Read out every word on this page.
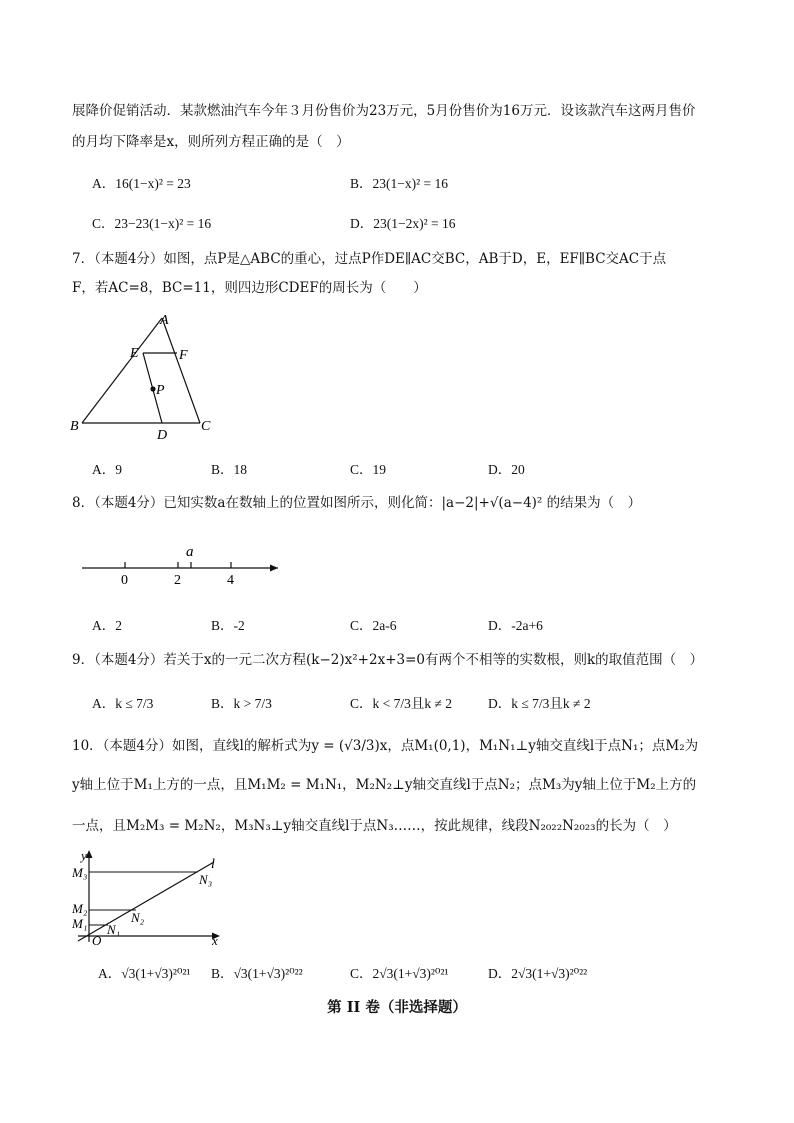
展降价促销活动．某款燃油汽车今年３月份售价为23万元，5月份售价为16万元．设该款汽车这两月售价
的月均下降率是x，则所列方程正确的是（　）
A．16(1−x)² = 23	B．23(1−x)² = 16
C．23−23(1−x)² = 16	D．23(1−2x)² = 16
7．（本题4分）如图，点P是△ABC的重心，过点P作DE∥AC交BC，AB于D，E，EF∥BC交AC于点
F，若AC=8，BC=11，则四边形CDEF的周长为（　　）
A
E	F
P
B
D
C
A．9	B．18	C．19	D．20
8．（本题4分）已知实数a在数轴上的位置如图所示，则化简：|a−2|+√(a−4)² 的结果为（　）
a
0	2	4
A．2	B．-2	C．2a-6	D．-2a+6
9．（本题4分）若关于x的一元二次方程(k−2)x²+2x+3=0有两个不相等的实数根，则k的取值范围（　）
A．k ≤ 7/3	B．k > 7/3	C．k < 7/3且k ≠ 2	D．k ≤ 7/3且k ≠ 2
10．（本题4分）如图，直线l的解析式为y = (√3/3)x，点M₁(0,1)，M₁N₁⊥y轴交直线l于点N₁；点M₂为
y轴上位于M₁上方的一点，且M₁M₂ = M₁N₁，M₂N₂⊥y轴交直线l于点N₂；点M₃为y轴上位于M₂上方的
一点，且M₂M₃ = M₂N₂，M₃N₃⊥y轴交直线l于点N₃……，按此规律，线段N₂₀₂₂N₂₀₂₃的长为（　）
y
l
x
O
M₃	N₃
M₂
N₂
M₁ N₁
A．√3(1+√3)²⁰²¹ B．√3(1+√3)²⁰²²	C．2√3(1+√3)²⁰²¹	D．2√3(1+√3)²⁰²²
第 II 卷（非选择题）
